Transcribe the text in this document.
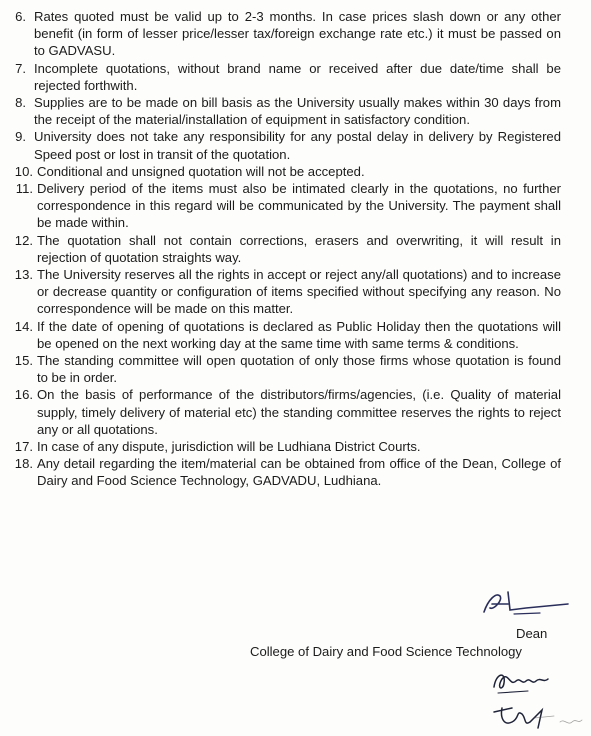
6. Rates quoted must be valid up to 2-3 months. In case prices slash down or any other benefit (in form of lesser price/lesser tax/foreign exchange rate etc.) it must be passed on to GADVASU.
7. Incomplete quotations, without brand name or received after due date/time shall be rejected forthwith.
8. Supplies are to be made on bill basis as the University usually makes within 30 days from the receipt of the material/installation of equipment in satisfactory condition.
9. University does not take any responsibility for any postal delay in delivery by Registered Speed post or lost in transit of the quotation.
10. Conditional and unsigned quotation will not be accepted.
11. Delivery period of the items must also be intimated clearly in the quotations, no further correspondence in this regard will be communicated by the University. The payment shall be made within.
12. The quotation shall not contain corrections, erasers and overwriting, it will result in rejection of quotation straights way.
13. The University reserves all the rights in accept or reject any/all quotations) and to increase or decrease quantity or configuration of items specified without specifying any reason. No correspondence will be made on this matter.
14. If the date of opening of quotations is declared as Public Holiday then the quotations will be opened on the next working day at the same time with same terms & conditions.
15. The standing committee will open quotation of only those firms whose quotation is found to be in order.
16. On the basis of performance of the distributors/firms/agencies, (i.e. Quality of material supply, timely delivery of material etc) the standing committee reserves the rights to reject any or all quotations.
17. In case of any dispute, jurisdiction will be Ludhiana District Courts.
18. Any detail regarding the item/material can be obtained from office of the Dean, College of Dairy and Food Science Technology, GADVADU, Ludhiana.
Dean
College of Dairy and Food Science Technology
